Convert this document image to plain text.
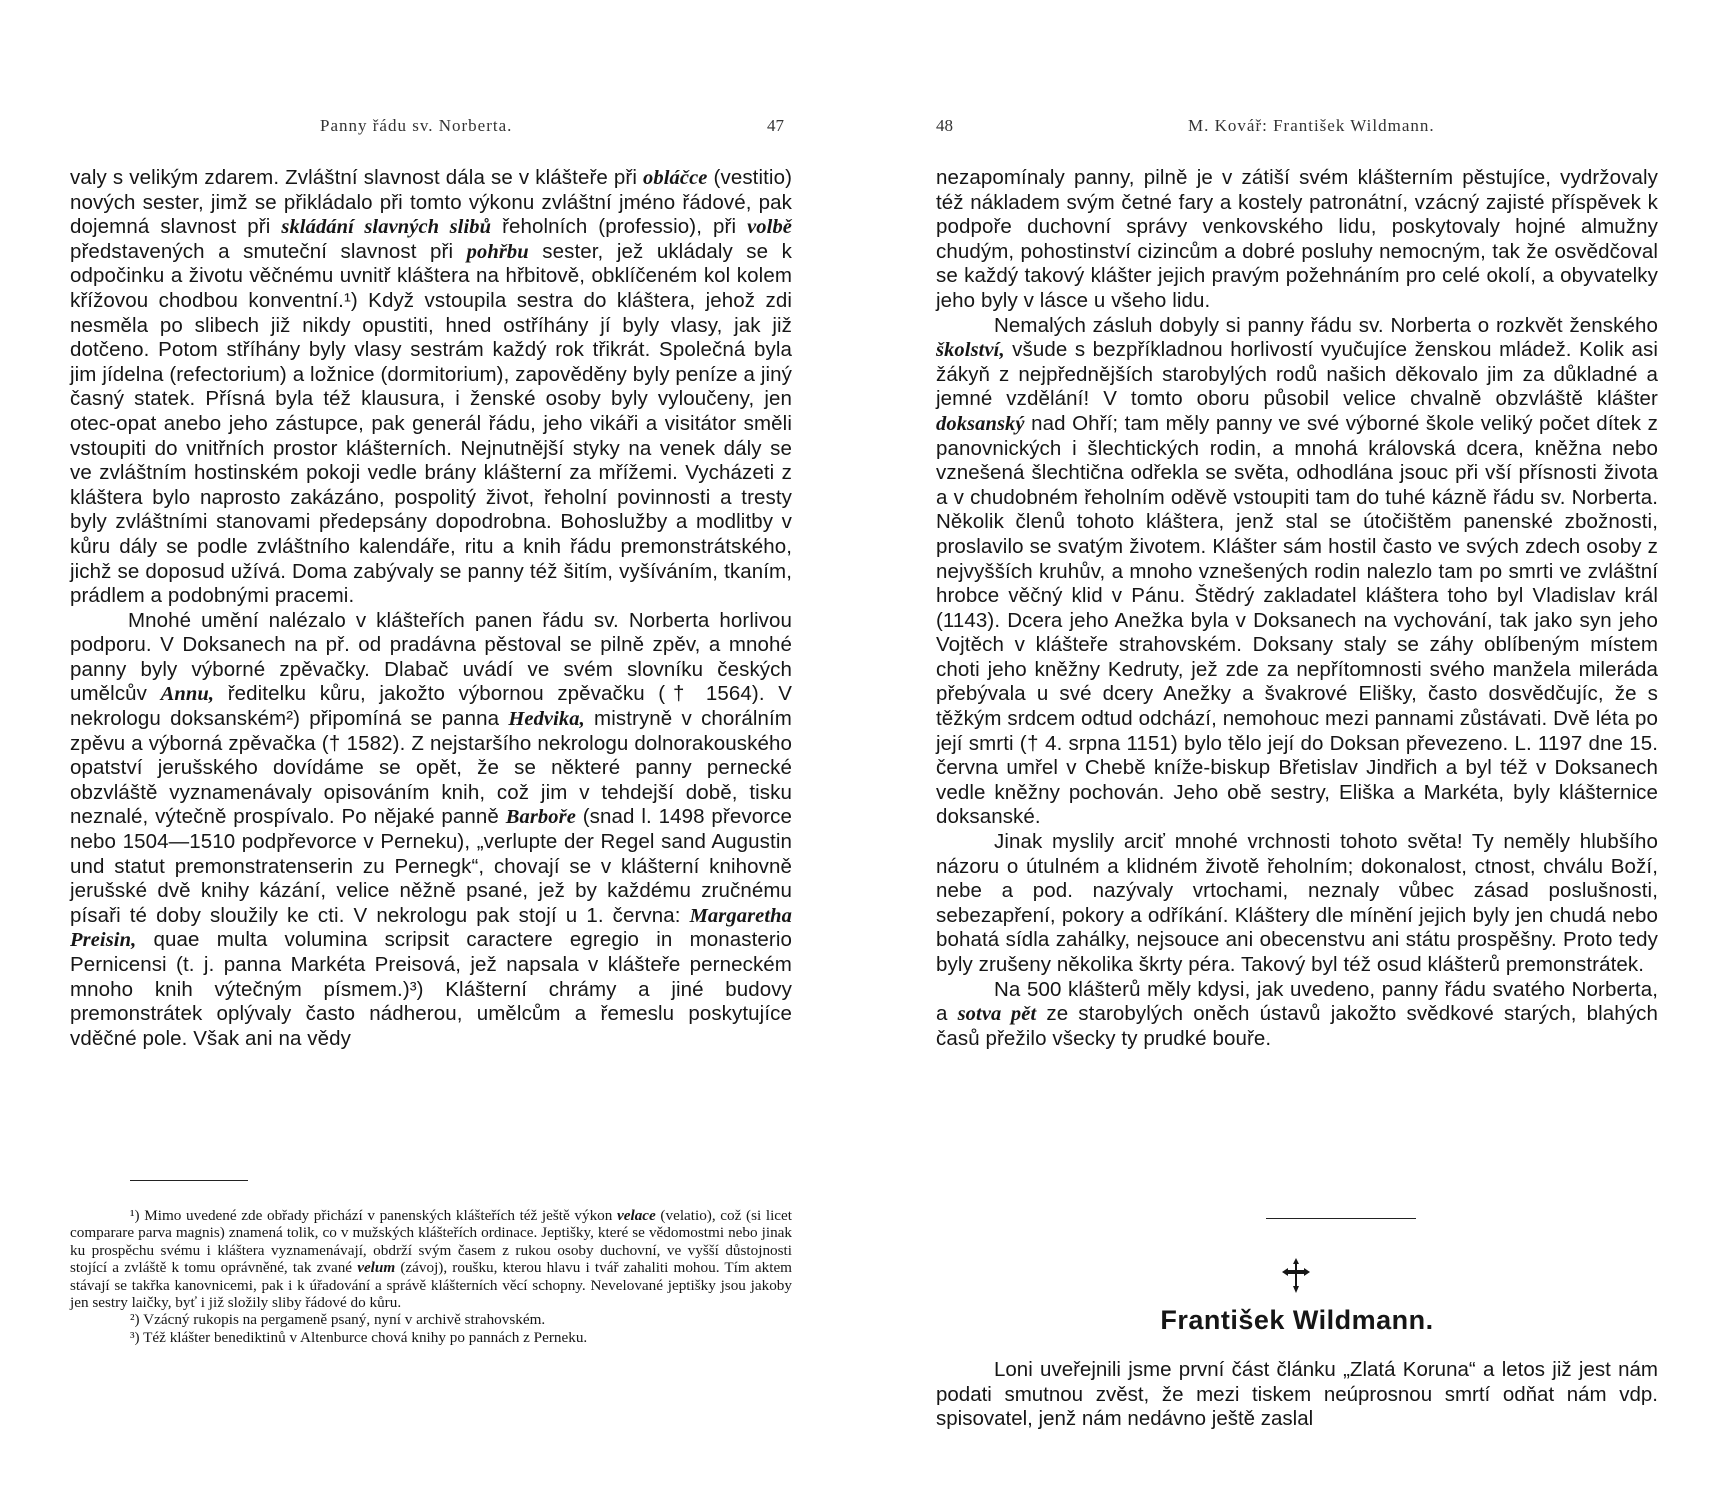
Panny řádu sv. Norberta.	47

valy s velikým zdarem. Zvláštní slavnost dála se v klášteře při obláčce (vestitio) nových sester, jimž se přikládalo při tomto výkonu zvláštní jméno řádové, pak dojemná slavnost při skládání slavných slibů řeholních (professio), při volbě představených a smuteční slavnost při pohřbu sester, jež ukládaly se k odpočinku a životu věčnému uvnitř kláštera na hřbitově, obklíčeném kol kolem křížovou chodbou konventní.¹) Když vstoupila sestra do kláštera, jehož zdi nesměla po slibech již nikdy opustiti, hned ostříhány jí byly vlasy, jak již dotčeno. Potom stříhány byly vlasy sestrám každý rok třikrát. Společná byla jim jídelna (refectorium) a ložnice (dormitorium), zapověděny byly peníze a jiný časný statek. Přísná byla též klausura, i ženské osoby byly vyloučeny, jen otec-opat anebo jeho zástupce, pak generál řádu, jeho vikáři a visitátor směli vstoupiti do vnitřních prostor klášterních. Nejnutnější styky na venek dály se ve zvláštním hostinském pokoji vedle brány klášterní za mřížemi. Vycházeti z kláštera bylo naprosto zakázáno, pospolitý život, řeholní povinnosti a tresty byly zvláštními stanovami předepsány dopodrobna. Bohoslužby a modlitby v kůru dály se podle zvláštního kalendáře, ritu a knih řádu premonstrátského, jichž se doposud užívá. Doma zabývaly se panny též šitím, vyšíváním, tkaním, prádlem a podobnými pracemi.

Mnohé umění nalézalo v klášteřích panen řádu sv. Norberta horlivou podporu. V Doksanech na př. od pradávna pěstoval se pilně zpěv, a mnohé panny byly výborné zpěvačky. Dlabač uvádí ve svém slovníku českých umělcův Annu, ředitelku kůru, jakožto výbornou zpěvačku († 1564). V nekrologu doksanském²) připomíná se panna Hedvika, mistryně v chorálním zpěvu a výborná zpěvačka († 1582). Z nejstaršího nekrologu dolnorakouského opatství jerušského dovídáme se opět, že se některé panny pernecké obzvláště vyznamenávaly opisováním knih, což jim v tehdejší době, tisku neznalé, výtečně prospívalo. Po nějaké panně Barboře (snad l. 1498 převorce nebo 1504—1510 podpřevorce v Perneku), „verlupte der Regel sand Augustin und statut premonstratenserin zu Pernegk“, chovají se v klášterní knihovně jerušské dvě knihy kázání, velice něžně psané, jež by každému zručnému písaři té doby sloužily ke cti. V nekrologu pak stojí u 1. června: Margaretha Preisin, quae multa volumina scripsit caractere egregio in monasterio Pernicensi (t. j. panna Markéta Preisová, jež napsala v klášteře perneckém mnoho knih výtečným písmem.)³) Klášterní chrámy a jiné budovy premonstrátek oplývaly často nádherou, umělcům a řemeslu poskytujíce vděčné pole. Však ani na vědy

¹) Mimo uvedené zde obřady přichází v panenských klášteřích též ještě výkon velace (velatio), což (si licet comparare parva magnis) znamená tolik, co v mužských klášteřích ordinace. Jeptišky, které se vědomostmi nebo jinak ku prospěchu svému i kláštera vyznamenávají, obdrží svým časem z rukou osoby duchovní, ve vyšší důstojnosti stojící a zvláště k tomu oprávněné, tak zvané velum (závoj), roušku, kterou hlavu i tvář zahaliti mohou. Tím aktem stávají se takřka kanovnicemi, pak i k úřadování a správě klášterních věcí schopny. Nevelované jeptišky jsou jakoby jen sestry laičky, byť i již složily sliby řádové do kůru.

²) Vzácný rukopis na pergameně psaný, nyní v archivě strahovském.

³) Též klášter benediktinů v Altenburce chová knihy po pannách z Perneku.

48	M. Kovář: František Wildmann.

nezapomínaly panny, pilně je v zátiší svém klášterním pěstujíce, vydržovaly též nákladem svým četné fary a kostely patronátní, vzácný zajisté příspěvek k podpoře duchovní správy venkovského lidu, poskytovaly hojné almužny chudým, pohostinství cizincům a dobré posluhy nemocným, tak že osvědčoval se každý takový klášter jejich pravým požehnáním pro celé okolí, a obyvatelky jeho byly v lásce u všeho lidu.

Nemalých zásluh dobyly si panny řádu sv. Norberta o rozkvět ženského školství, všude s bezpříkladnou horlivostí vyučujíce ženskou mládež. Kolik asi žákyň z nejpřednějších starobylých rodů našich děkovalo jim za důkladné a jemné vzdělání! V tomto oboru působil velice chvalně obzvláště klášter doksanský nad Ohří; tam měly panny ve své výborné škole veliký počet dítek z panovnických i šlechtických rodin, a mnohá královská dcera, kněžna nebo vznešená šlechtična odřekla se světa, odhodlána jsouc při vší přísnosti života a v chudobném řeholním oděvě vstoupiti tam do tuhé kázně řádu sv. Norberta. Několik členů tohoto kláštera, jenž stal se útočištěm panenské zbožnosti, proslavilo se svatým životem. Klášter sám hostil často ve svých zdech osoby z nejvyšších kruhův, a mnoho vznešených rodin nalezlo tam po smrti ve zvláštní hrobce věčný klid v Pánu. Štědrý zakladatel kláštera toho byl Vladislav král (1143). Dcera jeho Anežka byla v Doksanech na vychování, tak jako syn jeho Vojtěch v klášteře strahovském. Doksany staly se záhy oblíbeným místem choti jeho kněžny Kedruty, jež zde za nepřítomnosti svého manžela mileráda přebývala u své dcery Anežky a švakrové Elišky, často dosvědčujíc, že s těžkým srdcem odtud odchází, nemohouc mezi pannami zůstávati. Dvě léta po její smrti († 4. srpna 1151) bylo tělo její do Doksan převezeno. L. 1197 dne 15. června umřel v Chebě kníže-biskup Břetislav Jindřich a byl též v Doksanech vedle kněžny pochován. Jeho obě sestry, Eliška a Markéta, byly klášternice doksanské.

Jinak myslily arciť mnohé vrchnosti tohoto světa! Ty neměly hlubšího názoru o útulném a klidném životě řeholním; dokonalost, ctnost, chválu Boží, nebe a pod. nazývaly vrtochami, neznaly vůbec zásad poslušnosti, sebezapření, pokory a odříkání. Kláštery dle mínění jejich byly jen chudá nebo bohatá sídla zahálky, nejsouce ani obecenstvu ani státu prospěšny. Proto tedy byly zrušeny několika škrty péra. Takový byl též osud klášterů premonstrátek.

Na 500 klášterů měly kdysi, jak uvedeno, panny řádu svatého Norberta, a sotva pět ze starobylých oněch ústavů jakožto svědkové starých, blahých časů přežilo všecky ty prudké bouře.

František Wildmann.

Loni uveřejnili jsme první část článku „Zlatá Koruna“ a letos již jest nám podati smutnou zvěst, že mezi tiskem neúprosnou smrtí odňat nám vdp. spisovatel, jenž nám nedávno ještě zaslal
